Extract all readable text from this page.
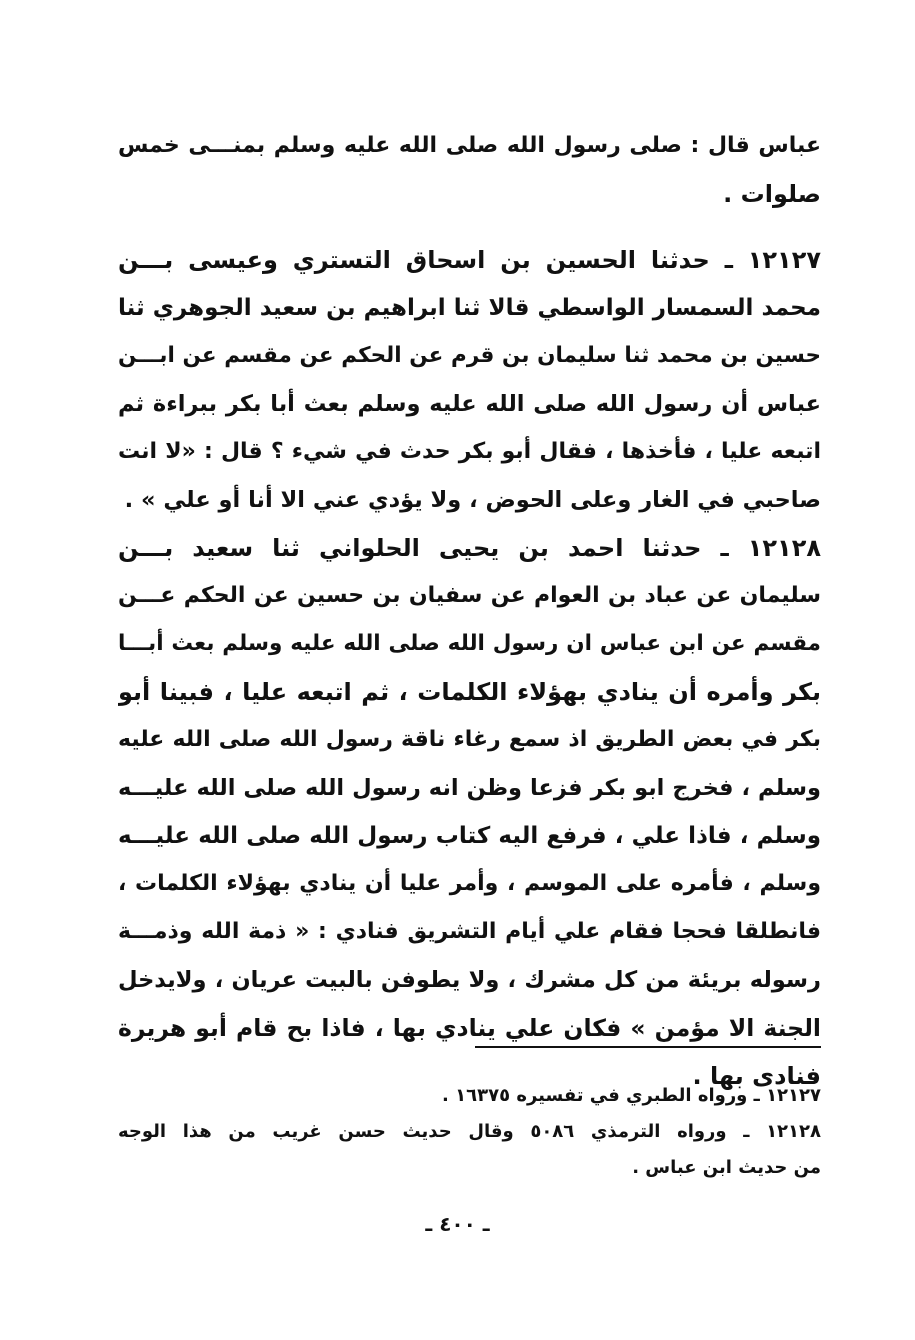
عباس قال : صلى رسول الله صلى الله عليه وسلم بمنـــى خمس
صلوات .
١٢١٢٧ ـ حدثنا الحسين بن اسحاق التستري وعيسى بـــن
محمد السمسار الواسطي قالا ثنا ابراهيم بن سعيد الجوهري ثنا
حسين بن محمد ثنا سليمان بن قرم عن الحكم عن مقسم عن ابـــن
عباس أن رسول الله صلى الله عليه وسلم بعث أبا بكر ببراءة ثم
اتبعه عليا ، فأخذها ، فقال أبو بكر حدث في شيء ؟ قال : «لا انت
صاحبي في الغار وعلى الحوض ، ولا يؤدي عني الا أنا أو علي » .
١٢١٢٨ ـ حدثنا احمد بن يحيى الحلواني ثنا سعيد بـــن
سليمان عن عباد بن العوام عن سفيان بن حسين عن الحكم عـــن
مقسم عن ابن عباس ان رسول الله صلى الله عليه وسلم بعث أبـــا
بكر وأمره أن ينادي بهؤلاء الكلمات ، ثم اتبعه عليا ، فبينا أبو
بكر في بعض الطريق اذ سمع رغاء ناقة رسول الله صلى الله عليه
وسلم ، فخرج ابو بكر فزعا وظن انه رسول الله صلى الله عليـــه
وسلم ، فاذا علي ، فرفع اليه كتاب رسول الله صلى الله عليـــه
وسلم ، فأمره على الموسم ، وأمر عليا أن ينادي بهؤلاء الكلمات ،
فانطلقا فحجا فقام علي أيام التشريق فنادي : « ذمة الله وذمـــة
رسوله بريئة من كل مشرك ، ولا يطوفن بالبيت عريان ، ولايدخل
الجنة الا مؤمن » فكان علي ينادي بها ، فاذا بح قام أبو هريرة
فنادى بها .
١٢١٢٧ ـ ورواه الطبري في تفسيره ١٦٣٧٥ .
١٢١٢٨ ـ ورواه الترمذي ٥٠٨٦ وقال حديث حسن غريب من هذا الوجه
من حديث ابن عباس .
ـ ٤٠٠ ـ
